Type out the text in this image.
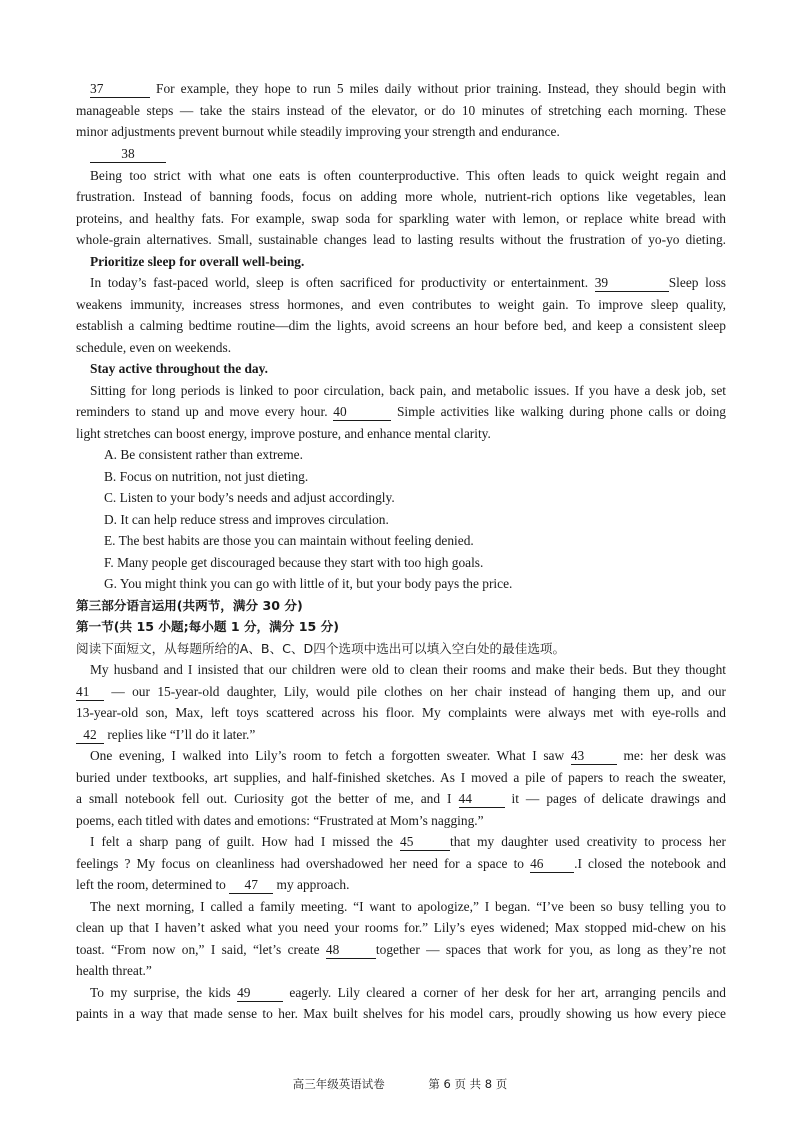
37	For example, they hope to run 5 miles daily without prior training. Instead, they should begin with
manageable steps — take the stairs instead of the elevator, or do 10 minutes of stretching each morning. These
minor adjustments prevent burnout while steadily improving your strength and endurance.
38
Being too strict with what one eats is often counterproductive. This often leads to quick weight regain and
frustration. Instead of banning foods, focus on adding more whole, nutrient-rich options like vegetables, lean
proteins, and healthy fats. For example, swap soda for sparkling water with lemon, or replace white bread with
whole-grain alternatives. Small, sustainable changes lead to lasting results without the frustration of yo-yo dieting.
Prioritize sleep for overall well-being.
In today’s fast-paced world, sleep is often sacrificed for productivity or entertainment. 39	Sleep loss
weakens immunity, increases stress hormones, and even contributes to weight gain. To improve sleep quality,
establish a calming bedtime routine—dim the lights, avoid screens an hour before bed, and keep a consistent sleep
schedule, even on weekends.
Stay active throughout the day.
Sitting for long periods is linked to poor circulation, back pain, and metabolic issues. If you have a desk job, set
reminders to stand up and move every hour. 40	Simple activities like walking during phone calls or doing
light stretches can boost energy, improve posture, and enhance mental clarity.
A. Be consistent rather than extreme.
B. Focus on nutrition, not just dieting.
C. Listen to your body’s needs and adjust accordingly.
D. It can help reduce stress and improves circulation.
E. The best habits are those you can maintain without feeling denied.
F. Many people get discouraged because they start with too high goals.
G. You might think you can go with little of it, but your body pays the price.
第三部分语言运用(共两节，满分 30 分)
第一节(共 15 小题;每小题 1 分，满分 15 分)
阅读下面短文，从每题所给的A、B、C、D四个选项中选出可以填入空白处的最佳选项。
My husband and I insisted that our children were old to clean their rooms and make their beds. But they thought
41 — our 15-year-old daughter, Lily, would pile clothes on her chair instead of hanging them up, and our
13-year-old son, Max, left toys scattered across his floor. My complaints were always met with eye-rolls and
42 replies like “I’ll do it later.”
One evening, I walked into Lily’s room to fetch a forgotten sweater. What I saw 43 me: her desk was
buried under textbooks, art supplies, and half-finished sketches. As I moved a pile of papers to reach the sweater,
a small notebook fell out. Curiosity got the better of me, and I 44 it — pages of delicate drawings and
poems, each titled with dates and emotions: “Frustrated at Mom’s nagging.”
I felt a sharp pang of guilt. How had I missed the 45	that my daughter used creativity to process her
feelings ? My focus on cleanliness had overshadowed her need for a space to 46 .I closed the notebook and
left the room, determined to 47 my approach.
The next morning, I called a family meeting. “I want to apologize,” I began. “I’ve been so busy telling you to
clean up that I haven’t asked what you need your rooms for.” Lily’s eyes widened; Max stopped mid-chew on his
toast. “From now on,” I said, “let’s create 48	together — spaces that work for you, as long as they’re not
health threat.”
To my surprise, the kids 49 eagerly. Lily cleared a corner of her desk for her art, arranging pencils and
paints in a way that made sense to her. Max built shelves for his model cars, proudly showing us how every piece
高三年级英语试卷	第 6 页 共 8 页
